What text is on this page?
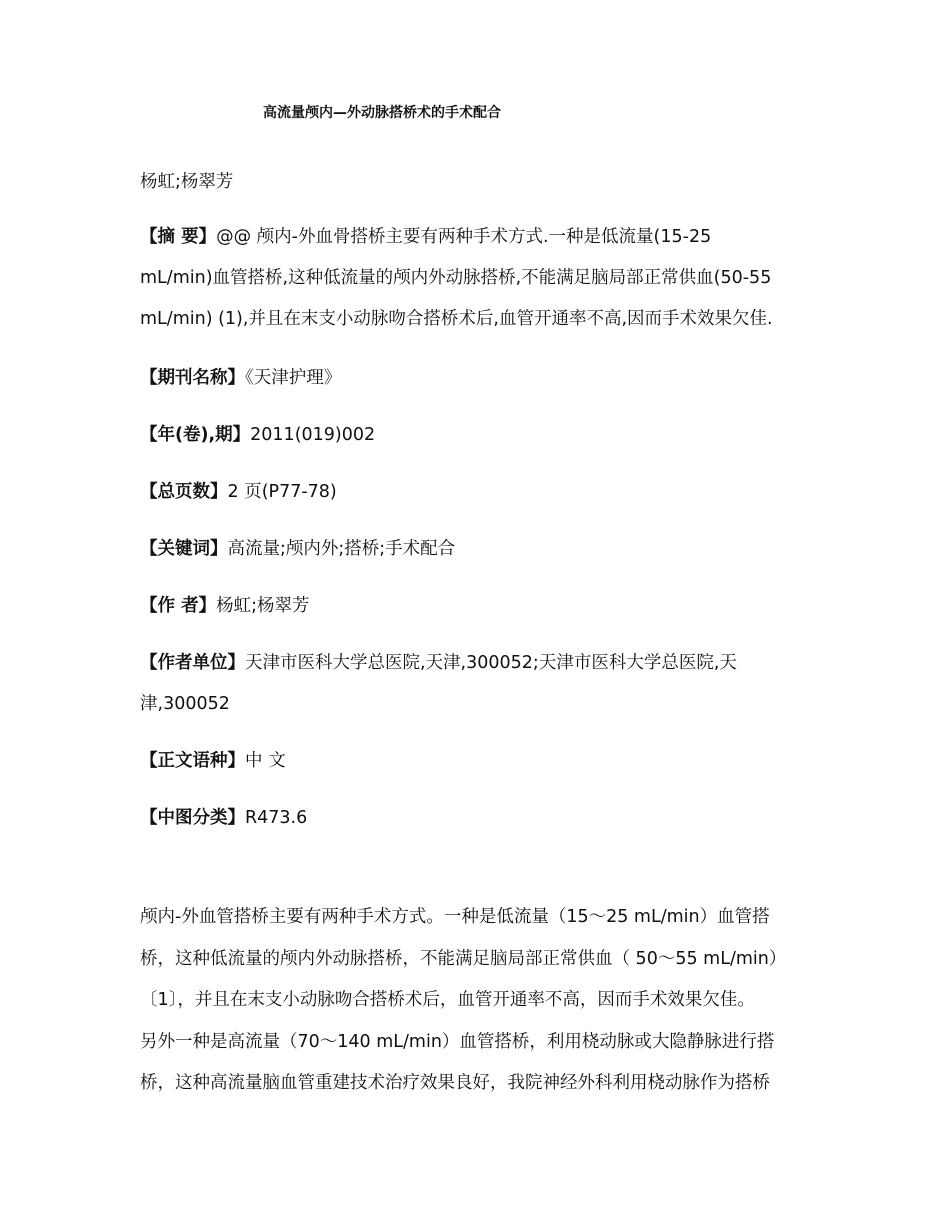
高流量颅内—外动脉搭桥术的手术配合

杨虹;杨翠芳

【摘 要】@@ 颅内-外血骨搭桥主要有两种手术方式.一种是低流量(15-25
mL/min)血管搭桥,这种低流量的颅内外动脉搭桥,不能满足脑局部正常供血(50-55
mL/min) (1),并且在末支小动脉吻合搭桥术后,血管开通率不高,因而手术效果欠佳.

【期刊名称】《天津护理》

【年(卷),期】2011(019)002

【总页数】2 页(P77-78)

【关键词】高流量;颅内外;搭桥;手术配合

【作 者】杨虹;杨翠芳

【作者单位】天津市医科大学总医院,天津,300052;天津市医科大学总医院,天
津,300052

【正文语种】中 文

【中图分类】R473.6

颅内-外血管搭桥主要有两种手术方式。一种是低流量（15～25 mL/min）血管搭
桥，这种低流量的颅内外动脉搭桥，不能满足脑局部正常供血（ 50～55 mL/min）
〔1〕，并且在末支小动脉吻合搭桥术后，血管开通率不高，因而手术效果欠佳。
另外一种是高流量（70～140 mL/min）血管搭桥，利用桡动脉或大隐静脉进行搭
桥，这种高流量脑血管重建技术治疗效果良好，我院神经外科利用桡动脉作为搭桥
